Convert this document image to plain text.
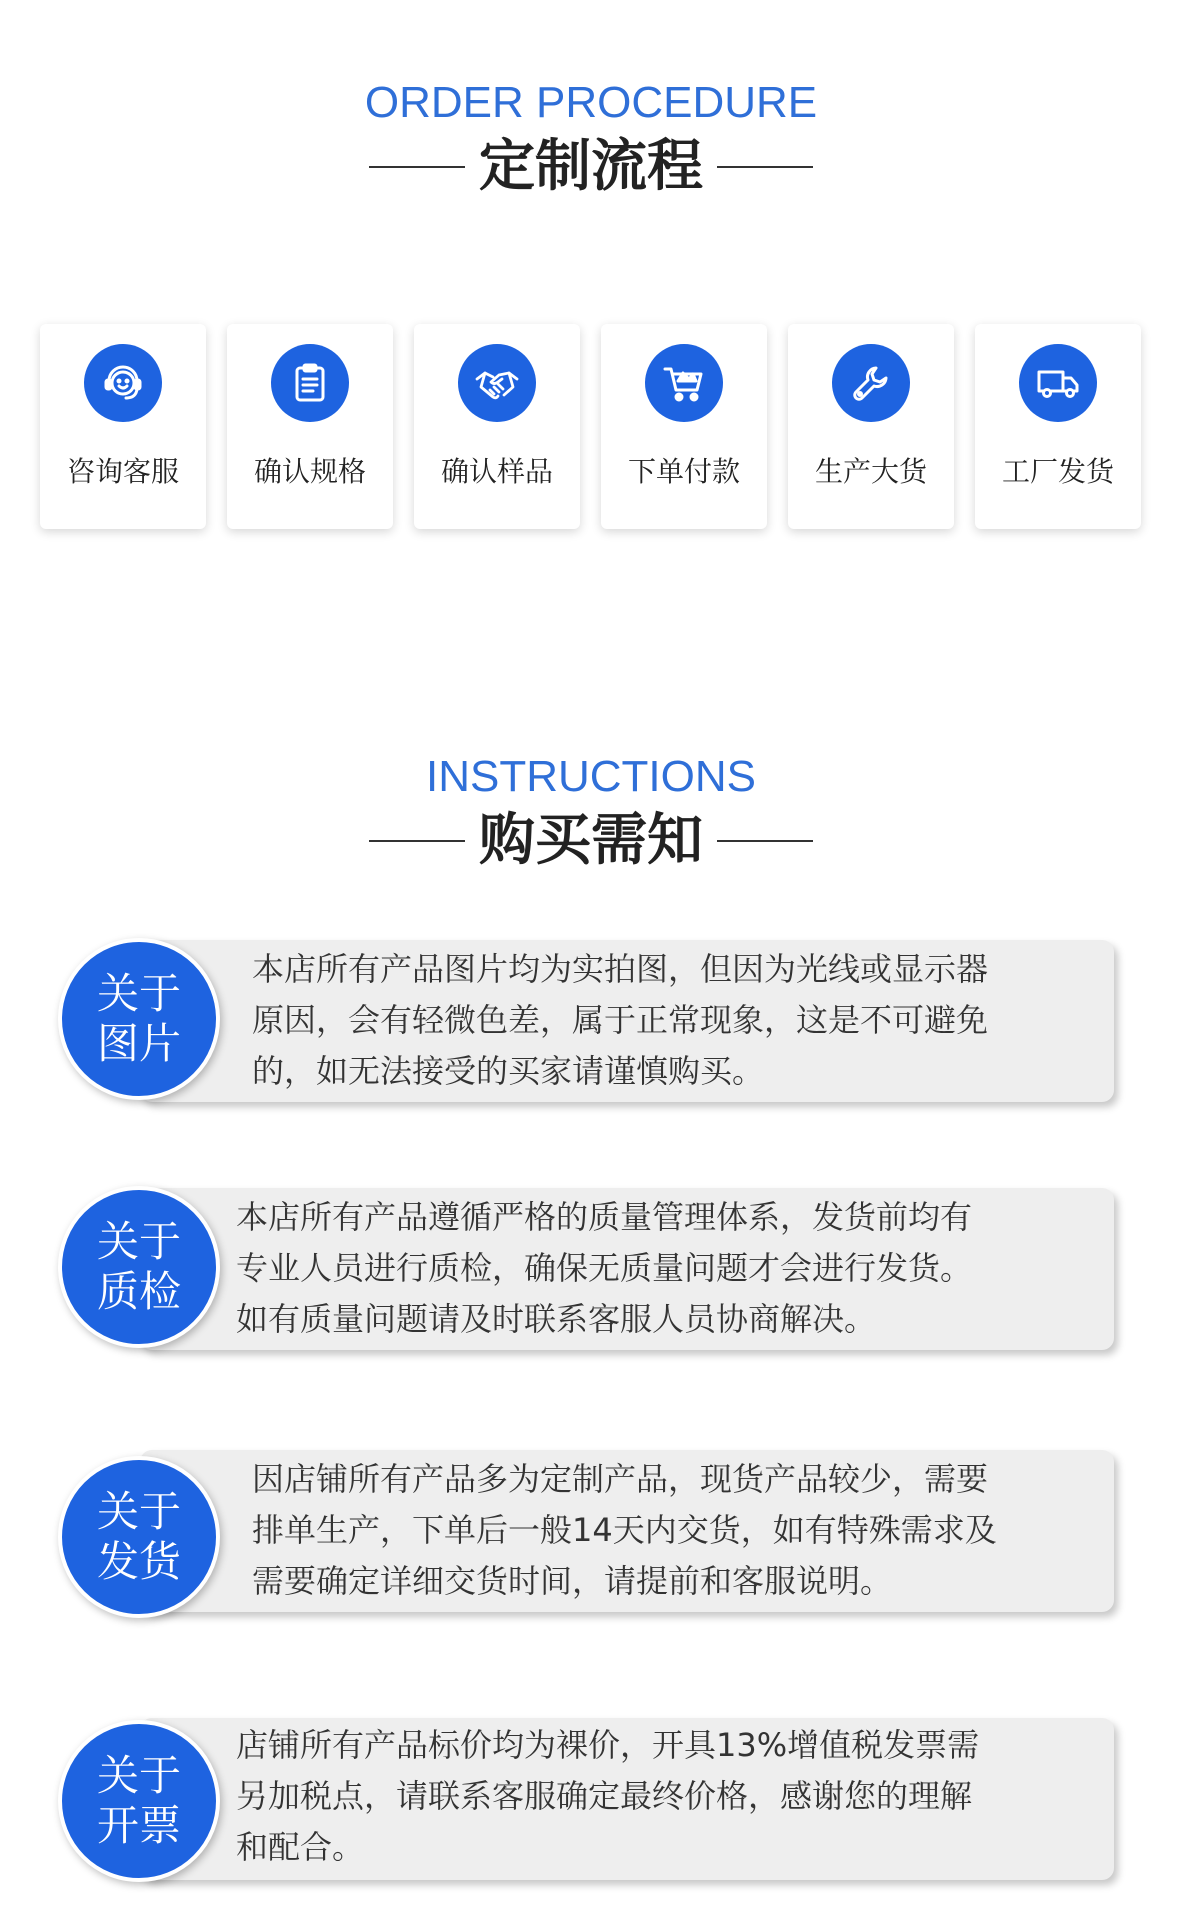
ORDER PROCEDURE
定制流程
咨询客服	确认规格	确认样品	下单付款	生产大货	工厂发货
INSTRUCTIONS
购买需知
关于
图片
本店所有产品图片均为实拍图，但因为光线或显示器
原因，会有轻微色差，属于正常现象，这是不可避免
的，如无法接受的买家请谨慎购买。
关于
质检
本店所有产品遵循严格的质量管理体系，发货前均有
专业人员进行质检，确保无质量问题才会进行发货。
如有质量问题请及时联系客服人员协商解决。
关于
发货
因店铺所有产品多为定制产品，现货产品较少，需要
排单生产，下单后一般14天内交货，如有特殊需求及
需要确定详细交货时间，请提前和客服说明。
关于
开票
店铺所有产品标价均为裸价，开具13%增值税发票需
另加税点，请联系客服确定最终价格，感谢您的理解
和配合。
